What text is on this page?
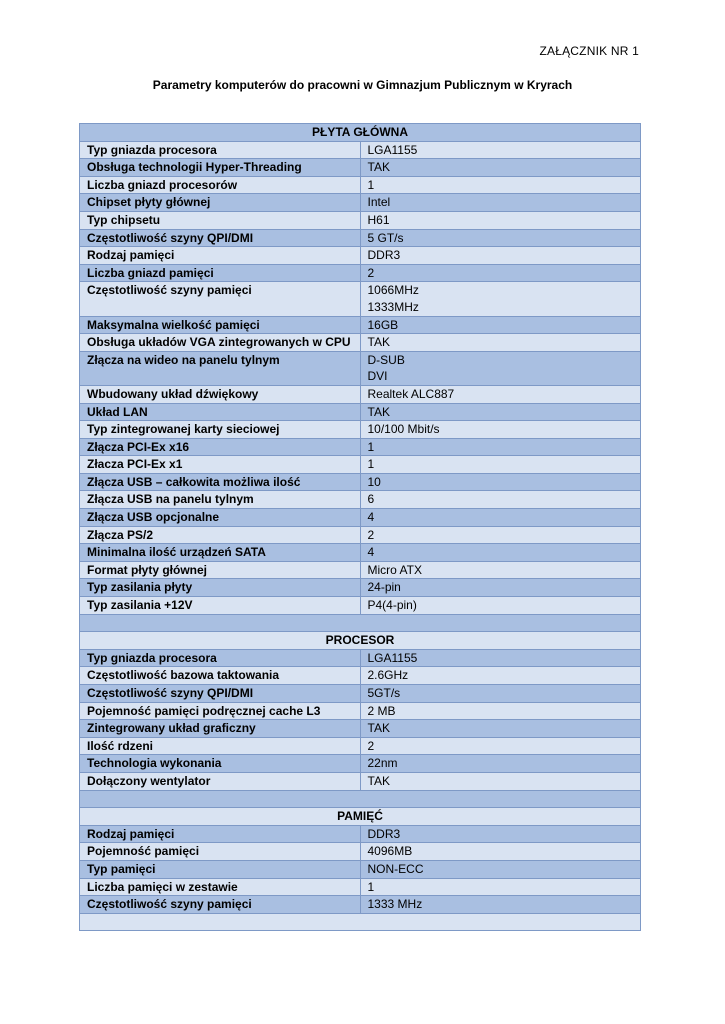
ZAŁĄCZNIK NR 1
Parametry komputerów do pracowni w Gimnazjum Publicznym w Kryrach
PŁYTA GŁÓWNA	
Typ gniazda procesora	LGA1155

Obsługa technologii Hyper-Threading	TAK

Liczba gniazd procesorów	1

Chipset płyty głównej	Intel

Typ chipsetu	H61

Częstotliwość szyny QPI/DMI	5 GT/s

Rodzaj pamięci	DDR3

Liczba gniazd pamięci	2

Częstotliwość szyny pamięci	1066MHz
1333MHz

Maksymalna wielkość pamięci	16GB

Obsługa układów VGA zintegrowanych w CPU	TAK

Złącza na wideo na panelu tylnym	D-SUB
DVI

Wbudowany układ dźwiękowy	Realtek ALC887

Układ LAN	TAK

Typ zintegrowanej karty sieciowej	10/100 Mbit/s

Złącza PCI-Ex x16	1

Złacza PCI-Ex x1	1

Złącza USB – całkowita możliwa ilość	10

Złącza USB na panelu tylnym	6

Złącza USB opcjonalne	4

Złącza PS/2	2

Minimalna ilość urządzeń SATA	4

Format płyty głównej	Micro ATX

Typ zasilania płyty	24-pin

Typ zasilania +12V	P4(4-pin)

PROCESOR	
Typ gniazda procesora	LGA1155

Częstotliwość bazowa taktowania	2.6GHz

Częstotliwość szyny QPI/DMI	5GT/s

Pojemność pamięci podręcznej cache L3	2 MB

Zintegrowany układ graficzny	TAK

Ilość rdzeni	2

Technologia wykonania	22nm

Dołączony wentylator	TAK

PAMIĘĆ	
Rodzaj pamięci	DDR3

Pojemność pamięci	4096MB

Typ pamięci	NON-ECC

Liczba pamięci w zestawie	1

Częstotliwość szyny pamięci	1333 MHz
